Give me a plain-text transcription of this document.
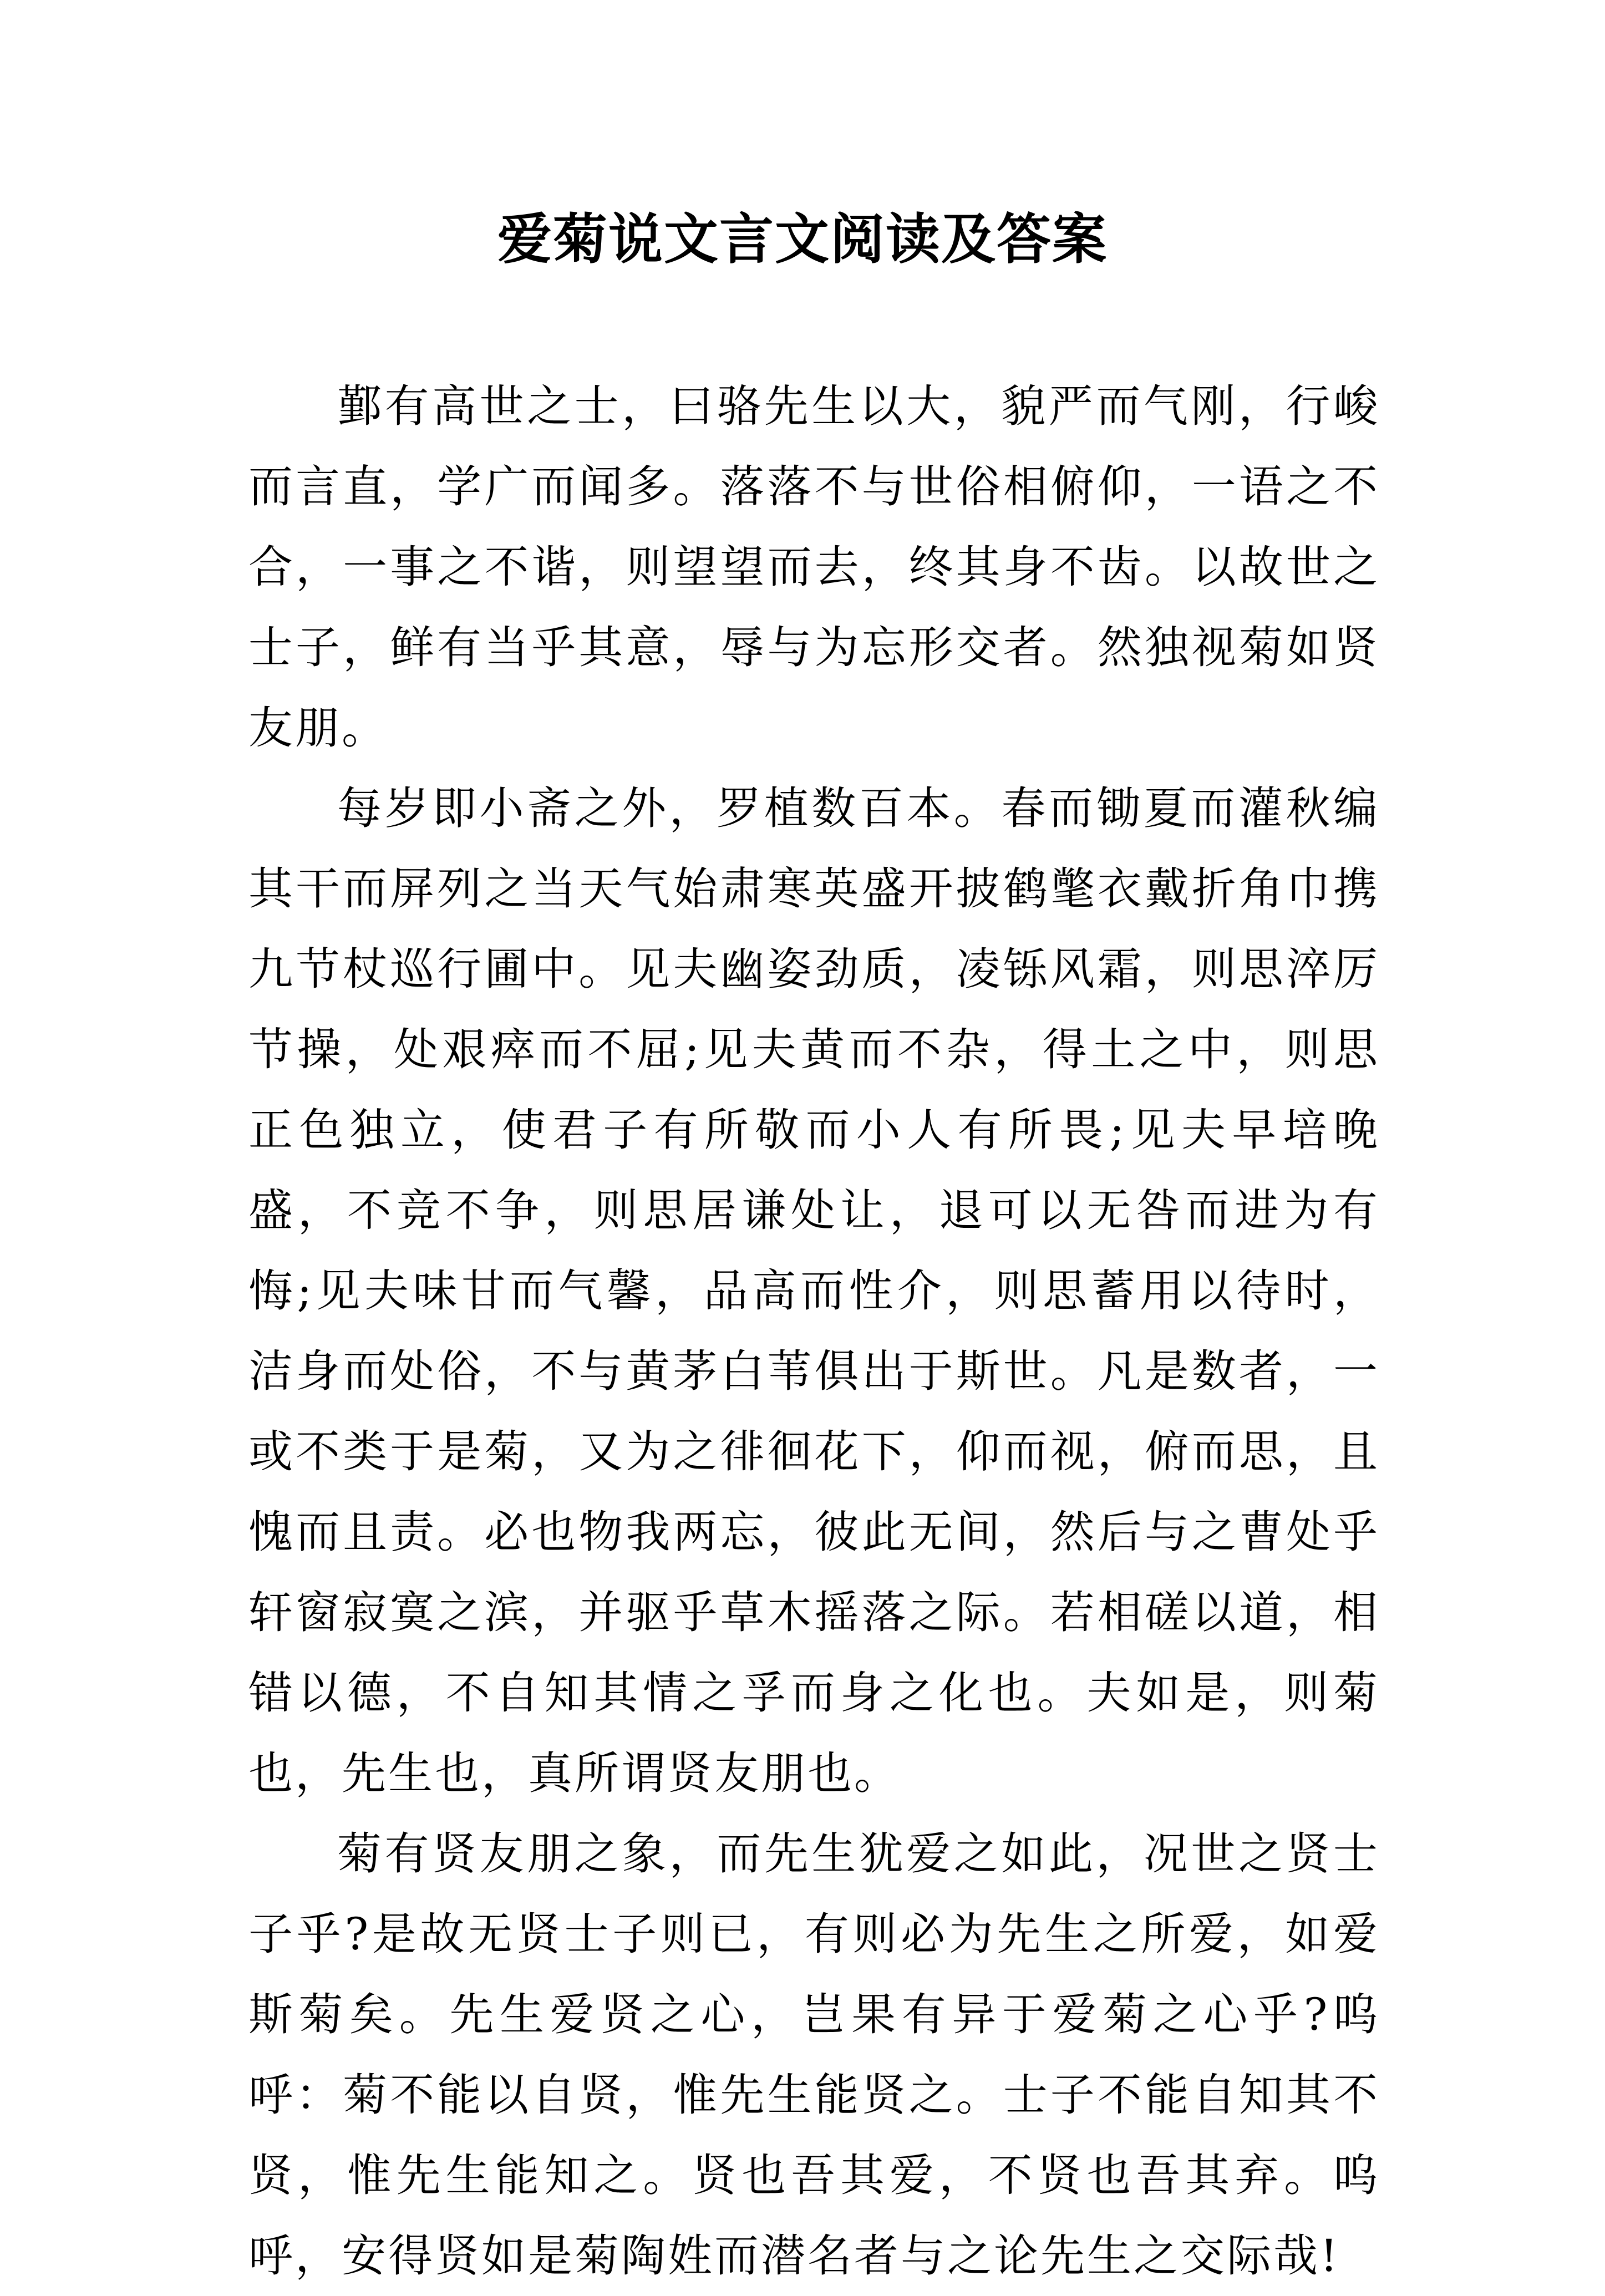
爱菊说文言文阅读及答案

鄞有高世之士，曰骆先生以大，貌严而气刚，行峻而言直，学广而闻多。落落不与世俗相俯仰，一语之不合，一事之不谐，则望望而去，终其身不齿。以故世之士子，鲜有当乎其意，辱与为忘形交者。然独视菊如贤友朋。

每岁即小斋之外，罗植数百本。春而锄夏而灌秋编其干而屏列之当天气始肃寒英盛开披鹤氅衣戴折角巾携九节杖巡行圃中。见夫幽姿劲质，凌铄风霜，则思淬厉节操，处艰瘁而不屈;见夫黄而不杂，得土之中，则思正色独立，使君子有所敬而小人有所畏;见夫早培晚盛，不竞不争，则思居谦处让，退可以无咎而进为有悔;见夫味甘而气馨，品高而性介，则思蓄用以待时，洁身而处俗，不与黄茅白苇俱出于斯世。凡是数者，一或不类于是菊，又为之徘徊花下，仰而视，俯而思，且愧而且责。必也物我两忘，彼此无间，然后与之曹处乎轩窗寂寞之滨，并驱乎草木摇落之际。若相磋以道，相错以德，不自知其情之孚而身之化也。夫如是，则菊也，先生也，真所谓贤友朋也。

菊有贤友朋之象，而先生犹爱之如此，况世之贤士子乎?是故无贤士子则已，有则必为先生之所爱，如爱斯菊矣。先生爱贤之心，岂果有异于爱菊之心乎?呜呼：菊不能以自贤，惟先生能贤之。士子不能自知其不贤，惟先生能知之。贤也吾其爱，不贤也吾其弃。呜呼，安得贤如是菊陶姓而潜名者与之论先生之交际哉!
